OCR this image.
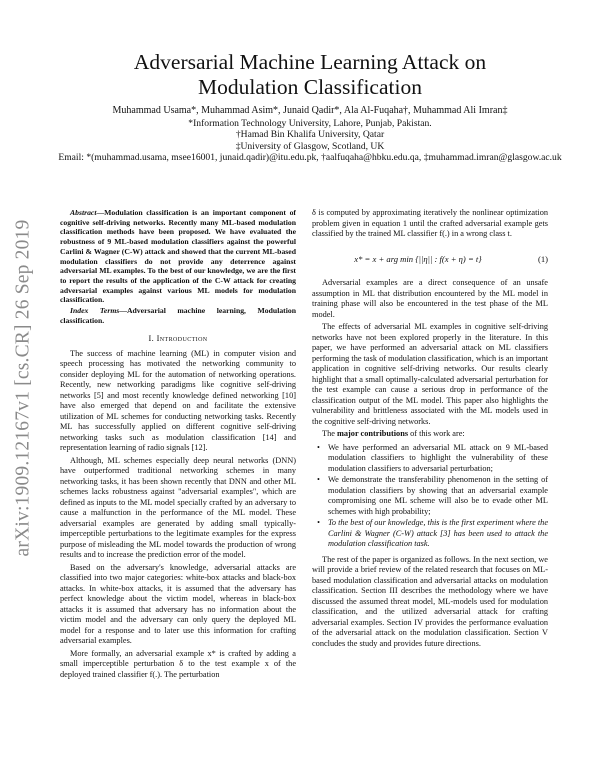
arXiv:1909.12167v1 [cs.CR] 26 Sep 2019
Adversarial Machine Learning Attack on
Modulation Classification
Muhammad Usama*, Muhammad Asim*, Junaid Qadir*, Ala Al-Fuqaha†, Muhammad Ali Imran‡
*Information Technology University, Lahore, Punjab, Pakistan.
†Hamad Bin Khalifa University, Qatar
‡University of Glasgow, Scotland, UK
Email: *(muhammad.usama, msee16001, junaid.qadir)@itu.edu.pk, †aalfuqaha@hbku.edu.qa, ‡muhammad.imran@glasgow.ac.uk

Abstract—Modulation classification is an important component of cognitive self-driving networks. Recently many ML-based modulation classification methods have been proposed. We have evaluated the robustness of 9 ML-based modulation classifiers against the powerful Carlini & Wagner (C-W) attack and showed that the current ML-based modulation classifiers do not provide any deterrence against adversarial ML examples. To the best of our knowledge, we are the first to report the results of the application of the C-W attack for creating adversarial examples against various ML models for modulation classification.

Index Terms—Adversarial machine learning, Modulation classification.

I. Introduction

The success of machine learning (ML) in computer vision and speech processing has motivated the networking community to consider deploying ML for the automation of networking operations. Recently, new networking paradigms like cognitive self-driving networks [5] and most recently knowledge defined networking [10] have also emerged that depend on and facilitate the extensive utilization of ML schemes for conducting networking tasks. Recently ML has successfully applied on different cognitive self-driving networking tasks such as modulation classification [14] and representation learning of radio signals [12].

Although, ML schemes especially deep neural networks (DNN) have outperformed traditional networking schemes in many networking tasks, it has been shown recently that DNN and other ML schemes lacks robustness against "adversarial examples", which are defined as inputs to the ML model specially crafted by an adversary to cause a malfunction in the performance of the ML model. These adversarial examples are generated by adding small typically-imperceptible perturbations to the legitimate examples for the express purpose of misleading the ML model towards the production of wrong results and to increase the prediction error of the model.

Based on the adversary's knowledge, adversarial attacks are classified into two major categories: white-box attacks and black-box attacks. In white-box attacks, it is assumed that the adversary has perfect knowledge about the victim model, whereas in black-box attacks it is assumed that adversary has no information about the victim model and the adversary can only query the deployed ML model for a response and to later use this information for crafting adversarial examples.

More formally, an adversarial example x* is crafted by adding a small imperceptible perturbation δ to the test example x of the deployed trained classifier f(.). The perturbation

δ is computed by approximating iteratively the nonlinear optimization problem given in equation 1 until the crafted adversarial example gets classified by the trained ML classifier f(.) in a wrong class t.

x* = x + arg min {||η|| : f(x + η) = t}	(1)

Adversarial examples are a direct consequence of an unsafe assumption in ML that distribution encountered by the ML model in training phase will also be encountered in the test phase of the ML model.

The effects of adversarial ML examples in cognitive self-driving networks have not been explored properly in the literature. In this paper, we have performed an adversarial attack on ML classifiers performing the task of modulation classification, which is an important application in cognitive self-driving networks. Our results clearly highlight that a small optimally-calculated adversarial perturbation for the test example can cause a serious drop in performance of the classification output of the ML model. This paper also highlights the vulnerability and brittleness associated with the ML models used in the cognitive self-driving networks.

The major contributions of this work are:

• We have performed an adversarial ML attack on 9 ML-based modulation classifiers to highlight the vulnerability of these modulation classifiers to adversarial perturbation;
• We demonstrate the transferability phenomenon in the setting of modulation classifiers by showing that an adversarial example compromising one ML scheme will also be to evade other ML schemes with high probability;
• To the best of our knowledge, this is the first experiment where the Carlini & Wagner (C-W) attack [3] has been used to attack the modulation classification task.

The rest of the paper is organized as follows. In the next section, we will provide a brief review of the related research that focuses on ML-based modulation classification and adversarial attacks on modulation classification. Section III describes the methodology where we have discussed the assumed threat model, ML-models used for modulation classification, and the utilized adversarial attack for crafting adversarial examples. Section IV provides the performance evaluation of the adversarial attack on the modulation classification. Section V concludes the study and provides future directions.
